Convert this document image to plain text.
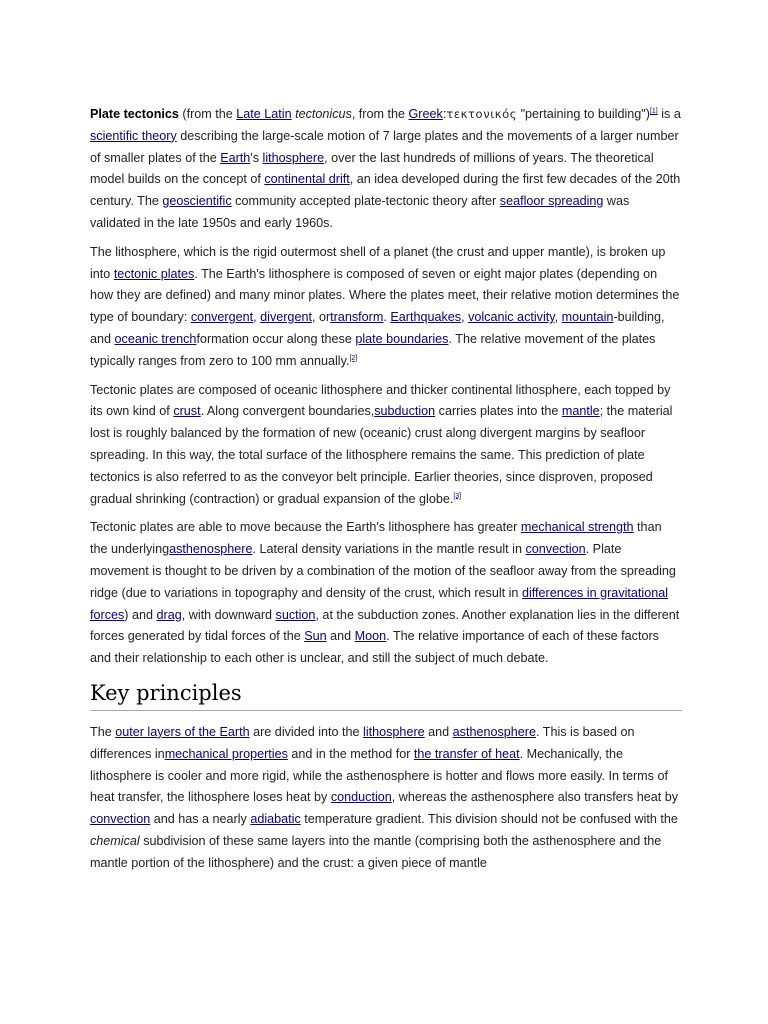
Plate tectonics (from the Late Latin tectonicus, from the Greek:τεκτονικός "pertaining to building")[1] is a scientific theory describing the large-scale motion of 7 large plates and the movements of a larger number of smaller plates of the Earth's lithosphere, over the last hundreds of millions of years. The theoretical model builds on the concept of continental drift, an idea developed during the first few decades of the 20th century. The geoscientific community accepted plate-tectonic theory after seafloor spreading was validated in the late 1950s and early 1960s.

The lithosphere, which is the rigid outermost shell of a planet (the crust and upper mantle), is broken up into tectonic plates. The Earth's lithosphere is composed of seven or eight major plates (depending on how they are defined) and many minor plates. Where the plates meet, their relative motion determines the type of boundary: convergent, divergent, ortransform. Earthquakes, volcanic activity, mountain-building, and oceanic trenchformation occur along these plate boundaries. The relative movement of the plates typically ranges from zero to 100 mm annually.[2]

Tectonic plates are composed of oceanic lithosphere and thicker continental lithosphere, each topped by its own kind of crust. Along convergent boundaries,subduction carries plates into the mantle; the material lost is roughly balanced by the formation of new (oceanic) crust along divergent margins by seafloor spreading. In this way, the total surface of the lithosphere remains the same. This prediction of plate tectonics is also referred to as the conveyor belt principle. Earlier theories, since disproven, proposed gradual shrinking (contraction) or gradual expansion of the globe.[3]

Tectonic plates are able to move because the Earth's lithosphere has greater mechanical strength than the underlyingasthenosphere. Lateral density variations in the mantle result in convection. Plate movement is thought to be driven by a combination of the motion of the seafloor away from the spreading ridge (due to variations in topography and density of the crust, which result in differences in gravitational forces) and drag, with downward suction, at the subduction zones. Another explanation lies in the different forces generated by tidal forces of the Sun and Moon. The relative importance of each of these factors and their relationship to each other is unclear, and still the subject of much debate.

Key principles

The outer layers of the Earth are divided into the lithosphere and asthenosphere. This is based on differences inmechanical properties and in the method for the transfer of heat. Mechanically, the lithosphere is cooler and more rigid, while the asthenosphere is hotter and flows more easily. In terms of heat transfer, the lithosphere loses heat by conduction, whereas the asthenosphere also transfers heat by convection and has a nearly adiabatic temperature gradient. This division should not be confused with the chemical subdivision of these same layers into the mantle (comprising both the asthenosphere and the mantle portion of the lithosphere) and the crust: a given piece of mantle
